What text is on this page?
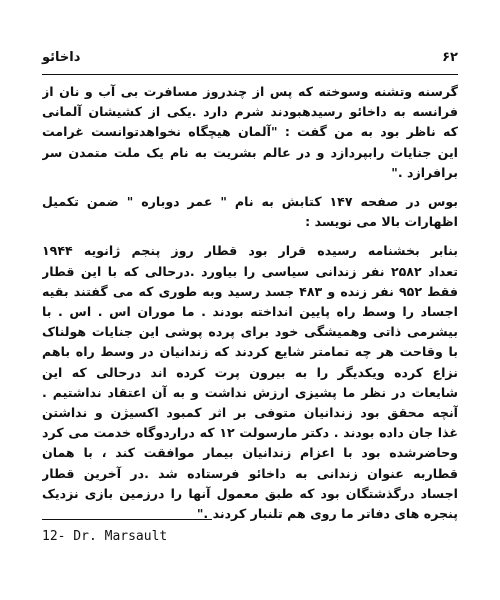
۶۲
داخائو
گرسنه وتشنه وسوخته که پس از چندروز مسافرت بی آب و نان از
فرانسه به داخائو رسیدهبودند شرم دارد .یکی از کشیشان آلمانی
که ناظر بود به من گفت : "آلمان هیچگاه نخواهدتوانست غرامت
این جنایات رابپردازد و در عالم بشریت به نام یک ملت متمدن سر
برافرازد ."
بوس در صفحه ۱۴۷ کتابش به نام " عمر دوباره " ضمن تکمیل
اظهارات بالا می نویسد :
بنابر بخشنامه رسیده قرار بود قطار روز پنجم ژانویه ۱۹۴۴
تعداد ۲۵۸۲ نفر زندانی سیاسی را بیاورد .درحالی که با این قطار
فقط ۹۵۲ نفر زنده و ۴۸۳ جسد رسید وبه طوری که می گفتند بقیه
اجساد را وسط راه پایین انداخته بودند . ما موران اس . اس . با
بیشرمی ذاتی وهمیشگی خود برای پرده پوشی این جنایات هولناک
با وقاحت هر چه تمامتر شایع کردند که زندانیان در وسط راه باهم
نزاع کرده ویکدیگر را به بیرون پرت کرده اند درحالی که این
شایعات در نظر ما پشیزی ارزش نداشت و به آن اعتقاد نداشتیم .
آنچه محقق بود زندانیان متوفی بر اثر کمبود اکسیژن و نداشتن
غذا جان داده بودند . دکتر مارسولت ۱۲ که دراردوگاه خدمت می کرد
وحاضرشده بود با اعزام زندانیان بیمار موافقت کند ، با همان
قطاربه عنوان زندانی به داخائو فرستاده شد .در آخرین قطار
اجساد درگذشتگان بود که طبق معمول آنها را درزمین بازی نزدیک
پنجره های دفاتر ما روی هم تلنبار کردند ."
12- Dr. Marsault
